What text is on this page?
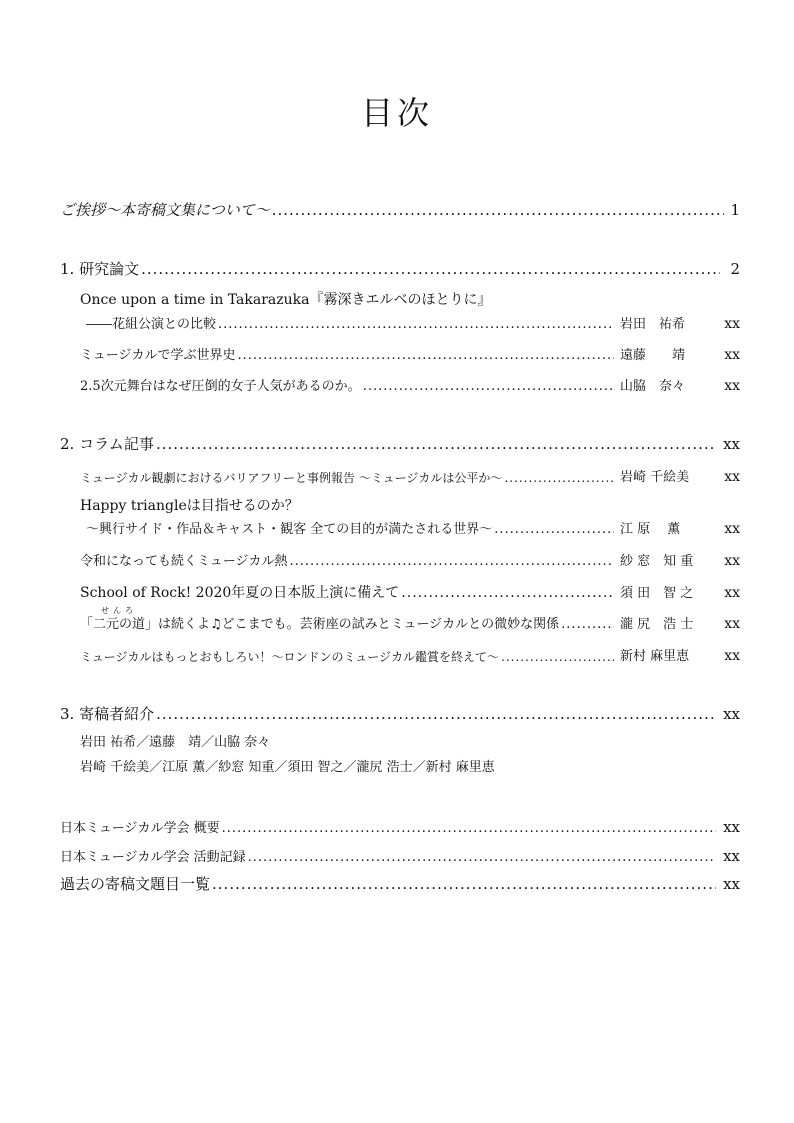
目次
ご挨拶～本寄稿文集について～ .....	1
1. 研究論文 .....	2
Once upon a time in Takarazuka『霧深きエルベのほとりに』
――花組公演との比較 .....	岩田　祐希	xx
ミュージカルで学ぶ世界史 .....	遠藤　　靖	xx
2.5次元舞台はなぜ圧倒的女子人気があるのか。 .....	山脇　奈々	xx
2. コラム記事 .....	xx
ミュージカル観劇におけるバリアフリーと事例報告 ～ミュージカルは公平か～ .....	岩崎 千絵美	xx
Happy triangleは目指せるのか？
～興行サイド・作品＆キャスト・観客 全ての目的が満たされる世界～ .....	江 原　 薫	xx
令和になっても続くミュージカル熱 .....	紗 窓　知 重	xx
School of Rock! 2020年夏の日本版上演に備えて .....	須 田　智 之	xx
「
せんろ
二元の道」は続くよ♫どこまでも。芸術座の試みとミュージカルとの微妙な関係 .....	瀧 尻　浩 士	xx
ミュージカルはもっとおもしろい！～ロンドンのミュージカル鑑賞を終えて～ .....	新村 麻里恵	xx
3. 寄稿者紹介 .....	xx
岩田 祐希／遠藤　靖／山脇 奈々
岩崎 千絵美／江原 薫／紗窓 知重／須田 智之／瀧尻 浩士／新村 麻里恵
日本ミュージカル学会 概要 .....	xx
日本ミュージカル学会 活動記録 .....	xx
過去の寄稿文題目一覧 .....	xx
